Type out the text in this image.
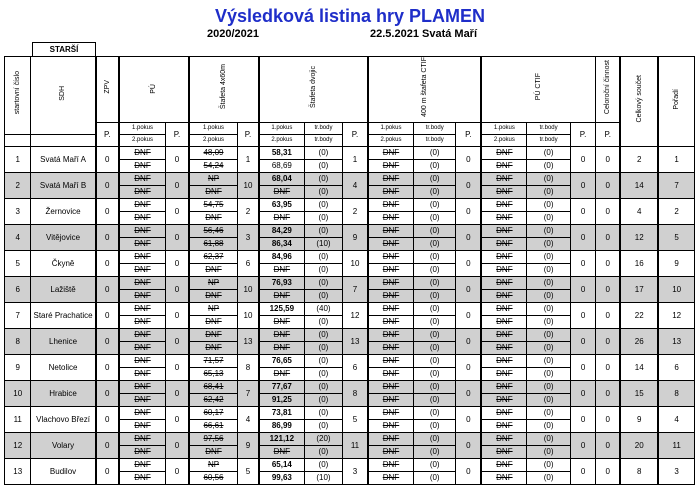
Výsledková listina hry PLAMEN
2020/2021	22.5.2021 Svatá Maří
STARŠÍ
startovní číslo	SDH	ZPV	PÚ		Štafeta 4x60m		Štafeta dvojic			400 m štafeta CTIF			PÚ CTIF			Celoroční činnost	Celkový součet	Pořadí
		P.	1.pokus	P.	1.pokus	P.	1.pokus	tr.body	P.	1.pokus	tr.body	P.	1.pokus	tr.body	P.	P.		
			2.pokus		2.pokus		2.pokus	tr.body		2.pokus	tr.body		2.pokus	tr.body				
1	Svatá Maří A	0	DNF	0	48,09	1	58,31	(0)	1	DNF	(0)	0	DNF	(0)	0	0	2	1
			DNF		54,24		68,69	(0)		DNF	(0)		DNF	(0)				
2	Svatá Maří B	0	DNF	0	NP	10	68,04	(0)	4	DNF	(0)	0	DNF	(0)	0	0	14	7
			DNF		DNF		DNF	(0)		DNF	(0)		DNF	(0)				
3	Žernovice	0	DNF	0	54,75	2	63,95	(0)	2	DNF	(0)	0	DNF	(0)	0	0	4	2
			DNF		DNF		DNF	(0)		DNF	(0)		DNF	(0)				
4	Vitějovice	0	DNF	0	56,46	3	84,29	(0)	9	DNF	(0)	0	DNF	(0)	0	0	12	5
			DNF		61,88		86,34	(10)		DNF	(0)		DNF	(0)				
5	Čkyně	0	DNF	0	62,37	6	84,96	(0)	10	DNF	(0)	0	DNF	(0)	0	0	16	9
			DNF		DNF		DNF	(0)		DNF	(0)		DNF	(0)				
6	Lažiště	0	DNF	0	NP	10	76,93	(0)	7	DNF	(0)	0	DNF	(0)	0	0	17	10
			DNF		DNF		DNF	(0)		DNF	(0)		DNF	(0)				
7	Staré Prachatice	0	DNF	0	NP	10	125,59	(40)	12	DNF	(0)	0	DNF	(0)	0	0	22	12
			DNF		DNF		DNF	(0)		DNF	(0)		DNF	(0)				
8	Lhenice	0	DNF	0	DNF	13	DNF	(0)	13	DNF	(0)	0	DNF	(0)	0	0	26	13
			DNF		DNF		DNF	(0)		DNF	(0)		DNF	(0)				
9	Netolice	0	DNF	0	71,57	8	76,65	(0)	6	DNF	(0)	0	DNF	(0)	0	0	14	6
			DNF		65,13		DNF	(0)		DNF	(0)		DNF	(0)				
10	Hrabice	0	DNF	0	68,41	7	77,67	(0)	8	DNF	(0)	0	DNF	(0)	0	0	15	8
			DNF		62,42		91,25	(0)		DNF	(0)		DNF	(0)				
11	Vlachovo Březí	0	DNF	0	60,17	4	73,81	(0)	5	DNF	(0)	0	DNF	(0)	0	0	9	4
			DNF		66,61		86,99	(0)		DNF	(0)		DNF	(0)				
12	Volary	0	DNF	0	97,56	9	121,12	(20)	11	DNF	(0)	0	DNF	(0)	0	0	20	11
			DNF		DNF		DNF	(0)		DNF	(0)		DNF	(0)				
13	Budilov	0	DNF	0	NP	5	65,14	(0)	3	DNF	(0)	0	DNF	(0)	0	0	8	3
			DNF		60,56		99,63	(10)		DNF	(0)		DNF	(0)				
